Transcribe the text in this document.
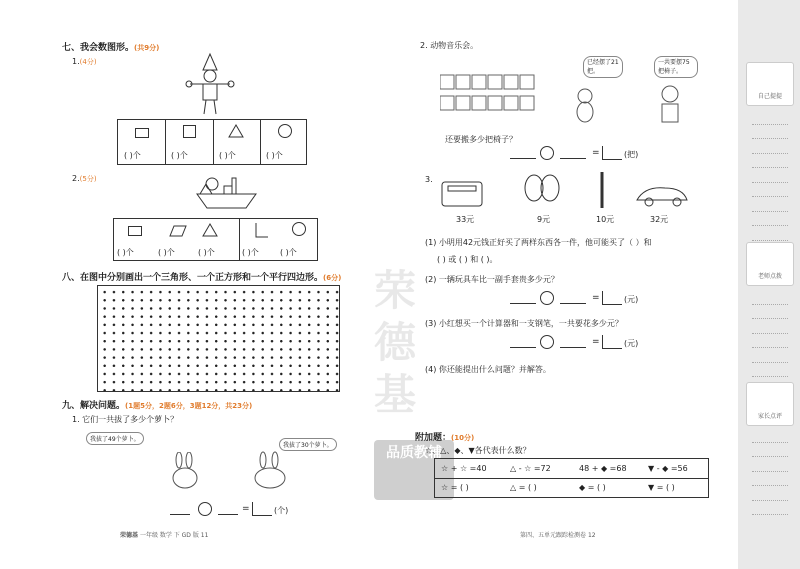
七、我会数图形。(共9分)
1.(4分)
( )个	( )个	( )个	( )个
2.(5分)
( )个	( )个	( )个	( )个	( )个
八、在图中分别画出一个三角形、一个正方形和一个平行四边形。(6分)
九、解决问题。(1题5分，2题6分，3题12分，共23分)
1. 它们一共拔了多少个萝卜？
我拔了49个萝卜。
我拔了30个萝卜。
=	(个)
荣德基 一年级 数学 下 GD 版 11
荣德基
品质教辅
2. 动物音乐会。
已经摆了21把。
一共要摆75把椅子。
还要搬多少把椅子？
=	(把)
3.
33元	9元	10元	32元
(1) 小明用42元钱正好买了两样东西各一件，他可能买了（ ）和
( ) 或 ( ) 和 ( )。
(2) 一辆玩具车比一副手套贵多少元？
=	(元)
(3) 小红想买一个计算器和一支钢笔，一共要花多少元？
=	(元)
(4) 你还能提出什么问题？并解答。
附加题：(10分)
☆、△、◆、▼各代表什么数？
☆ + ☆ =40	△ - ☆ =72	48 + ◆ =68	▼ - ◆ =56
☆ = ( )	△ = ( )	◆ = ( )	▼ = ( )
第四、五单元跟踪检测卷 12
自己提提
老师点拨
家长点评
